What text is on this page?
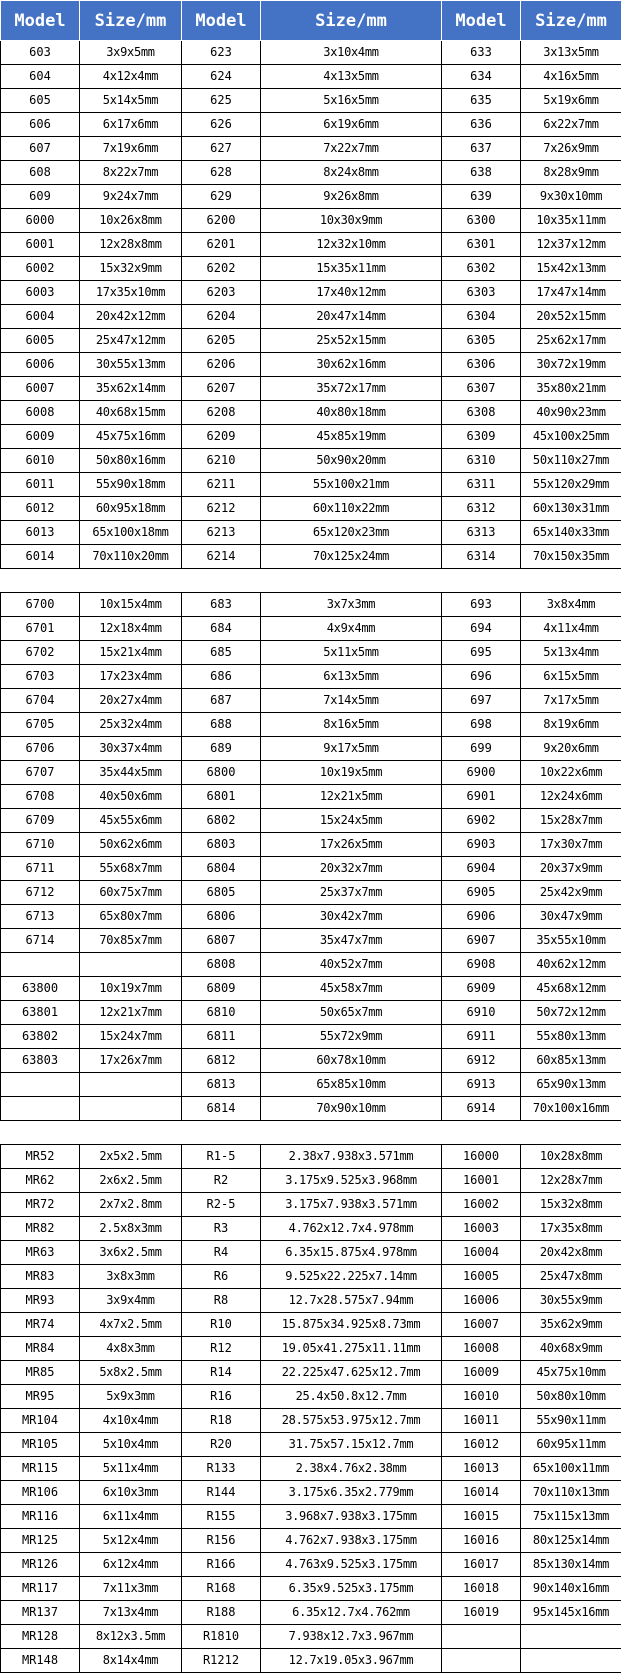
Model	Size/mm	Model	Size/mm	Model	Size/mm
603	3x9x5mm	623	3x10x4mm	633	3x13x5mm
604	4x12x4mm	624	4x13x5mm	634	4x16x5mm
605	5x14x5mm	625	5x16x5mm	635	5x19x6mm
606	6x17x6mm	626	6x19x6mm	636	6x22x7mm
607	7x19x6mm	627	7x22x7mm	637	7x26x9mm
608	8x22x7mm	628	8x24x8mm	638	8x28x9mm
609	9x24x7mm	629	9x26x8mm	639	9x30x10mm
6000	10x26x8mm	6200	10x30x9mm	6300	10x35x11mm
6001	12x28x8mm	6201	12x32x10mm	6301	12x37x12mm
6002	15x32x9mm	6202	15x35x11mm	6302	15x42x13mm
6003	17x35x10mm	6203	17x40x12mm	6303	17x47x14mm
6004	20x42x12mm	6204	20x47x14mm	6304	20x52x15mm
6005	25x47x12mm	6205	25x52x15mm	6305	25x62x17mm
6006	30x55x13mm	6206	30x62x16mm	6306	30x72x19mm
6007	35x62x14mm	6207	35x72x17mm	6307	35x80x21mm
6008	40x68x15mm	6208	40x80x18mm	6308	40x90x23mm
6009	45x75x16mm	6209	45x85x19mm	6309	45x100x25mm
6010	50x80x16mm	6210	50x90x20mm	6310	50x110x27mm
6011	55x90x18mm	6211	55x100x21mm	6311	55x120x29mm
6012	60x95x18mm	6212	60x110x22mm	6312	60x130x31mm
6013	65x100x18mm	6213	65x120x23mm	6313	65x140x33mm
6014	70x110x20mm	6214	70x125x24mm	6314	70x150x35mm

6700	10x15x4mm	683	3x7x3mm	693	3x8x4mm
6701	12x18x4mm	684	4x9x4mm	694	4x11x4mm
6702	15x21x4mm	685	5x11x5mm	695	5x13x4mm
6703	17x23x4mm	686	6x13x5mm	696	6x15x5mm
6704	20x27x4mm	687	7x14x5mm	697	7x17x5mm
6705	25x32x4mm	688	8x16x5mm	698	8x19x6mm
6706	30x37x4mm	689	9x17x5mm	699	9x20x6mm
6707	35x44x5mm	6800	10x19x5mm	6900	10x22x6mm
6708	40x50x6mm	6801	12x21x5mm	6901	12x24x6mm
6709	45x55x6mm	6802	15x24x5mm	6902	15x28x7mm
6710	50x62x6mm	6803	17x26x5mm	6903	17x30x7mm
6711	55x68x7mm	6804	20x32x7mm	6904	20x37x9mm
6712	60x75x7mm	6805	25x37x7mm	6905	25x42x9mm
6713	65x80x7mm	6806	30x42x7mm	6906	30x47x9mm
6714	70x85x7mm	6807	35x47x7mm	6907	35x55x10mm
		6808	40x52x7mm	6908	40x62x12mm
63800	10x19x7mm	6809	45x58x7mm	6909	45x68x12mm
63801	12x21x7mm	6810	50x65x7mm	6910	50x72x12mm
63802	15x24x7mm	6811	55x72x9mm	6911	55x80x13mm
63803	17x26x7mm	6812	60x78x10mm	6912	60x85x13mm
		6813	65x85x10mm	6913	65x90x13mm
		6814	70x90x10mm	6914	70x100x16mm

MR52	2x5x2.5mm	R1-5	2.38x7.938x3.571mm	16000	10x28x8mm
MR62	2x6x2.5mm	R2	3.175x9.525x3.968mm	16001	12x28x7mm
MR72	2x7x2.8mm	R2-5	3.175x7.938x3.571mm	16002	15x32x8mm
MR82	2.5x8x3mm	R3	4.762x12.7x4.978mm	16003	17x35x8mm
MR63	3x6x2.5mm	R4	6.35x15.875x4.978mm	16004	20x42x8mm
MR83	3x8x3mm	R6	9.525x22.225x7.14mm	16005	25x47x8mm
MR93	3x9x4mm	R8	12.7x28.575x7.94mm	16006	30x55x9mm
MR74	4x7x2.5mm	R10	15.875x34.925x8.73mm	16007	35x62x9mm
MR84	4x8x3mm	R12	19.05x41.275x11.11mm	16008	40x68x9mm
MR85	5x8x2.5mm	R14	22.225x47.625x12.7mm	16009	45x75x10mm
MR95	5x9x3mm	R16	25.4x50.8x12.7mm	16010	50x80x10mm
MR104	4x10x4mm	R18	28.575x53.975x12.7mm	16011	55x90x11mm
MR105	5x10x4mm	R20	31.75x57.15x12.7mm	16012	60x95x11mm
MR115	5x11x4mm	R133	2.38x4.76x2.38mm	16013	65x100x11mm
MR106	6x10x3mm	R144	3.175x6.35x2.779mm	16014	70x110x13mm
MR116	6x11x4mm	R155	3.968x7.938x3.175mm	16015	75x115x13mm
MR125	5x12x4mm	R156	4.762x7.938x3.175mm	16016	80x125x14mm
MR126	6x12x4mm	R166	4.763x9.525x3.175mm	16017	85x130x14mm
MR117	7x11x3mm	R168	6.35x9.525x3.175mm	16018	90x140x16mm
MR137	7x13x4mm	R188	6.35x12.7x4.762mm	16019	95x145x16mm
MR128	8x12x3.5mm	R1810	7.938x12.7x3.967mm		
MR148	8x14x4mm	R1212	12.7x19.05x3.967mm		
